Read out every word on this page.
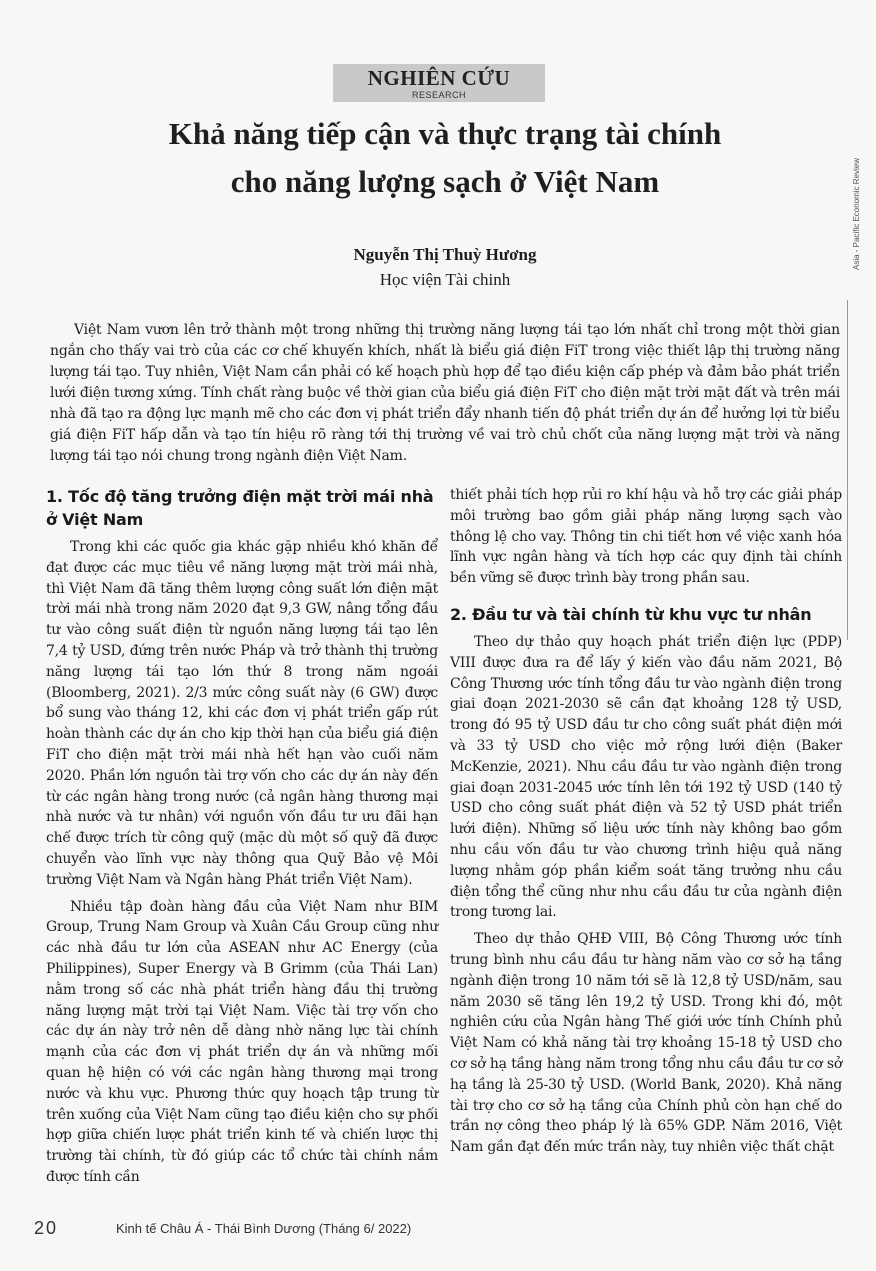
NGHIÊN CỨU
RESEARCH
Asia - Pacific Economic Review
Khả năng tiếp cận và thực trạng tài chính
cho năng lượng sạch ở Việt Nam
Nguyễn Thị Thuỳ Hương
Học viện Tài chinh

Việt Nam vươn lên trở thành một trong những thị trường năng lượng tái tạo lớn nhất chỉ trong một thời gian ngắn cho thấy vai trò của các cơ chế khuyến khích, nhất là biểu giá điện FiT trong việc thiết lập thị trường năng lượng tái tạo. Tuy nhiên, Việt Nam cần phải có kế hoạch phù hợp để tạo điều kiện cấp phép và đảm bảo phát triển lưới điện tương xứng. Tính chất ràng buộc về thời gian của biểu giá điện FiT cho điện mặt trời mặt đất và trên mái nhà đã tạo ra động lực mạnh mẽ cho các đơn vị phát triển đẩy nhanh tiến độ phát triển dự án để hưởng lợi từ biểu giá điện FiT hấp dẫn và tạo tín hiệu rõ ràng tới thị trường về vai trò chủ chốt của năng lượng mặt trời và năng lượng tái tạo nói chung trong ngành điện Việt Nam.

1. Tốc độ tăng trưởng điện mặt trời mái nhà ở Việt Nam

Trong khi các quốc gia khác gặp nhiều khó khăn để đạt được các mục tiêu về năng lượng mặt trời mái nhà, thì Việt Nam đã tăng thêm lượng công suất lớn điện mặt trời mái nhà trong năm 2020 đạt 9,3 GW, nâng tổng đầu tư vào công suất điện từ nguồn năng lượng tái tạo lên 7,4 tỷ USD, đứng trên nước Pháp và trở thành thị trường năng lượng tái tạo lớn thứ 8 trong năm ngoái (Bloomberg, 2021). 2/3 mức công suất này (6 GW) được bổ sung vào tháng 12, khi các đơn vị phát triển gấp rút hoàn thành các dự án cho kịp thời hạn của biểu giá điện FiT cho điện mặt trời mái nhà hết hạn vào cuối năm 2020. Phần lớn nguồn tài trợ vốn cho các dự án này đến từ các ngân hàng trong nước (cả ngân hàng thương mại nhà nước và tư nhân) với nguồn vốn đầu tư ưu đãi hạn chế được trích từ công quỹ (mặc dù một số quỹ đã được chuyển vào lĩnh vực này thông qua Quỹ Bảo vệ Môi trường Việt Nam và Ngân hàng Phát triển Việt Nam).

Nhiều tập đoàn hàng đầu của Việt Nam như BIM Group, Trung Nam Group và Xuân Cầu Group cũng như các nhà đầu tư lớn của ASEAN như AC Energy (của Philippines), Super Energy và B Grimm (của Thái Lan) nằm trong số các nhà phát triển hàng đầu thị trường năng lượng mặt trời tại Việt Nam. Việc tài trợ vốn cho các dự án này trở nên dễ dàng nhờ năng lực tài chính mạnh của các đơn vị phát triển dự án và những mối quan hệ hiện có với các ngân hàng thương mại trong nước và khu vực. Phương thức quy hoạch tập trung từ trên xuống của Việt Nam cũng tạo điều kiện cho sự phối hợp giữa chiến lược phát triển kinh tế và chiến lược thị trường tài chính, từ đó giúp các tổ chức tài chính nắm được tính cần

thiết phải tích hợp rủi ro khí hậu và hỗ trợ các giải pháp môi trường bao gồm giải pháp năng lượng sạch vào thông lệ cho vay. Thông tin chi tiết hơn về việc xanh hóa lĩnh vực ngân hàng và tích hợp các quy định tài chính bền vững sẽ được trình bày trong phần sau.

2. Đầu tư và tài chính từ khu vực tư nhân

Theo dự thảo quy hoạch phát triển điện lực (PDP) VIII được đưa ra để lấy ý kiến vào đầu năm 2021, Bộ Công Thương ước tính tổng đầu tư vào ngành điện trong giai đoạn 2021-2030 sẽ cần đạt khoảng 128 tỷ USD, trong đó 95 tỷ USD đầu tư cho công suất phát điện mới và 33 tỷ USD cho việc mở rộng lưới điện (Baker McKenzie, 2021). Nhu cầu đầu tư vào ngành điện trong giai đoạn 2031-2045 ước tính lên tới 192 tỷ USD (140 tỷ USD cho công suất phát điện và 52 tỷ USD phát triển lưới điện). Những số liệu ước tính này không bao gồm nhu cầu vốn đầu tư vào chương trình hiệu quả năng lượng nhằm góp phần kiểm soát tăng trưởng nhu cầu điện tổng thể cũng như nhu cầu đầu tư của ngành điện trong tương lai.

Theo dự thảo QHĐ VIII, Bộ Công Thương ước tính trung bình nhu cầu đầu tư hàng năm vào cơ sở hạ tầng ngành điện trong 10 năm tới sẽ là 12,8 tỷ USD/năm, sau năm 2030 sẽ tăng lên 19,2 tỷ USD. Trong khi đó, một nghiên cứu của Ngân hàng Thế giới ước tính Chính phủ Việt Nam có khả năng tài trợ khoảng 15-18 tỷ USD cho cơ sở hạ tầng hàng năm trong tổng nhu cầu đầu tư cơ sở hạ tầng là 25-30 tỷ USD. (World Bank, 2020). Khả năng tài trợ cho cơ sở hạ tầng của Chính phủ còn hạn chế do trần nợ công theo pháp lý là 65% GDP. Năm 2016, Việt Nam gần đạt đến mức trần này, tuy nhiên việc thất chặt

20	Kinh tế Châu Á - Thái Bình Dương (Tháng 6/ 2022)
